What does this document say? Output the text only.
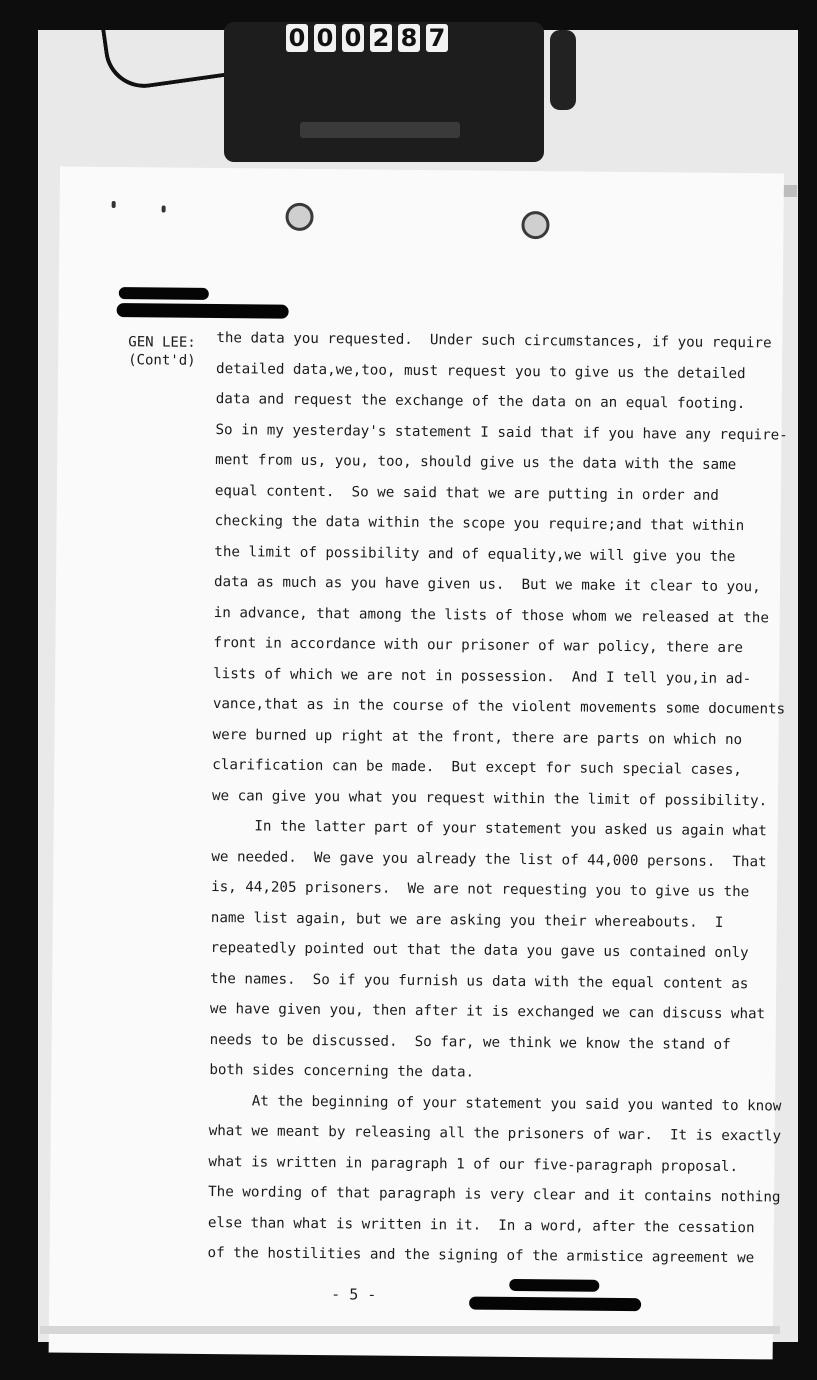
0 0 0 2 8 7
GEN LEE:
(Cont'd)
the data you requested.  Under such circumstances, if you require
detailed data,we,too, must request you to give us the detailed
data and request the exchange of the data on an equal footing.
So in my yesterday's statement I said that if you have any require-
ment from us, you, too, should give us the data with the same
equal content.  So we said that we are putting in order and
checking the data within the scope you require;and that within
the limit of possibility and of equality,we will give you the
data as much as you have given us.  But we make it clear to you,
in advance, that among the lists of those whom we released at the
front in accordance with our prisoner of war policy, there are
lists of which we are not in possession.  And I tell you,in ad-
vance,that as in the course of the violent movements some documents
were burned up right at the front, there are parts on which no
clarification can be made.  But except for such special cases,
we can give you what you request within the limit of possibility.
In the latter part of your statement you asked us again what
we needed.  We gave you already the list of 44,000 persons.  That
is, 44,205 prisoners.  We are not requesting you to give us the
name list again, but we are asking you their whereabouts.  I
repeatedly pointed out that the data you gave us contained only
the names.  So if you furnish us data with the equal content as
we have given you, then after it is exchanged we can discuss what
needs to be discussed.  So far, we think we know the stand of
both sides concerning the data.
At the beginning of your statement you said you wanted to know
what we meant by releasing all the prisoners of war.  It is exactly
what is written in paragraph 1 of our five-paragraph proposal.
The wording of that paragraph is very clear and it contains nothing
else than what is written in it.  In a word, after the cessation
of the hostilities and the signing of the armistice agreement we
- 5 -
